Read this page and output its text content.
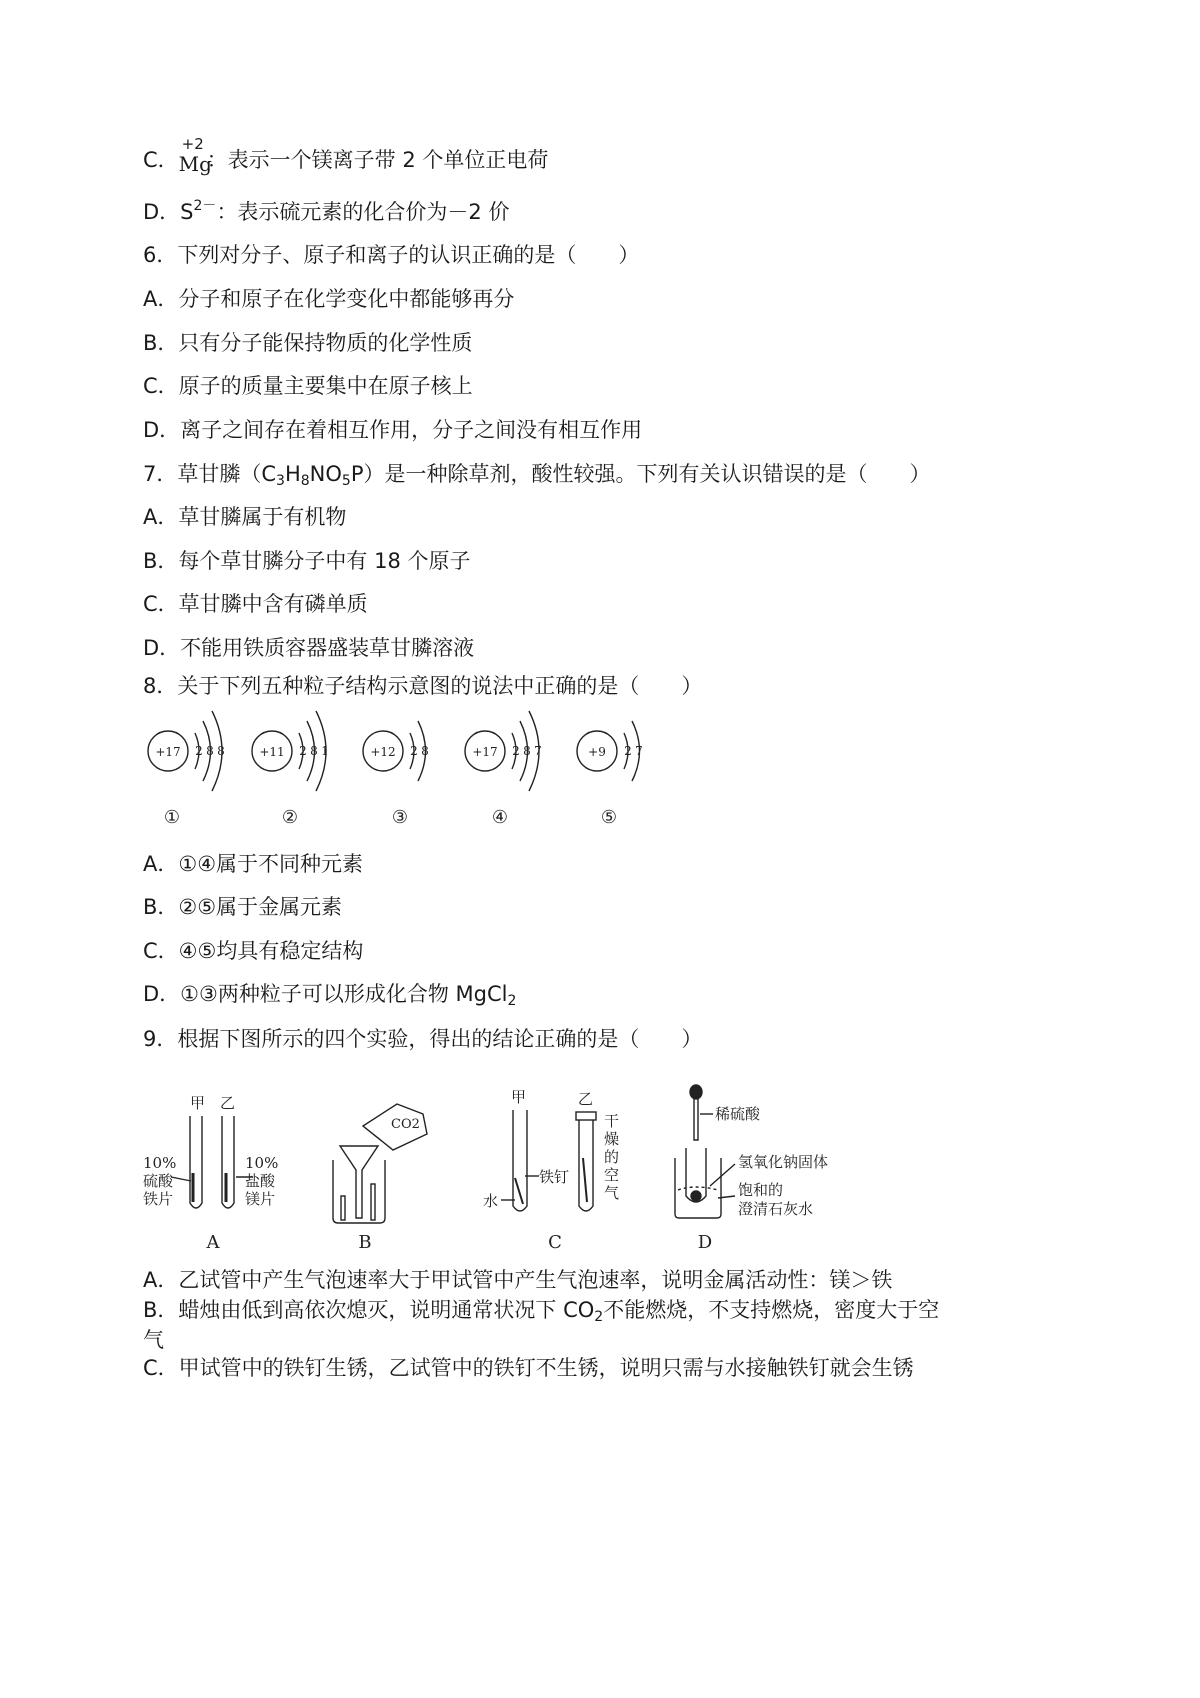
C．
+2
Mg
：表示一个镁离子带 2 个单位正电荷
D．$S^{2-}$：表示硫元素的化合价为－2 价
6．下列对分子、原子和离子的认识正确的是（　　）
A．分子和原子在化学变化中都能够再分
B．只有分子能保持物质的化学性质
C．原子的质量主要集中在原子核上
D．离子之间存在着相互作用，分子之间没有相互作用
7．草甘膦$(C_3H_8NO_5P)$是一种除草剂，酸性较强。下列有关认识错误的是（　　）
A．草甘膦属于有机物
B．每个草甘膦分子中有 18 个原子
C．草甘膦中含有磷单质
D．不能用铁质容器盛装草甘膦溶液
8．关于下列五种粒子结构示意图的说法中正确的是（　　）
+17 2 8 8	+11 2 8 1	+12 2 8	+17 2 8 7	+9 2 7
①	②	③	④	⑤
A．①④属于不同种元素
B．②⑤属于金属元素
C．④⑤均具有稳定结构
D．①③两种粒子可以形成化合物 MgCl$_2$
9．根据下图所示的四个实验，得出的结论正确的是（　　）
甲 乙
10%
硫酸
铁片
10%
盐酸
镁片
CO2
甲	乙
铁钉
水
干
燥
的
空
气
稀硫酸
氢氧化钠固体
饱和的
澄清石灰水
A	B	C	D
A．乙试管中产生气泡速率大于甲试管中产生气泡速率，说明金属活动性：镁＞铁
B．蜡烛由低到高依次熄灭，说明通常状况下 $CO_2$不能燃烧，不支持燃烧，密度大于空
气
C．甲试管中的铁钉生锈，乙试管中的铁钉不生锈，说明只需与水接触铁钉就会生锈
